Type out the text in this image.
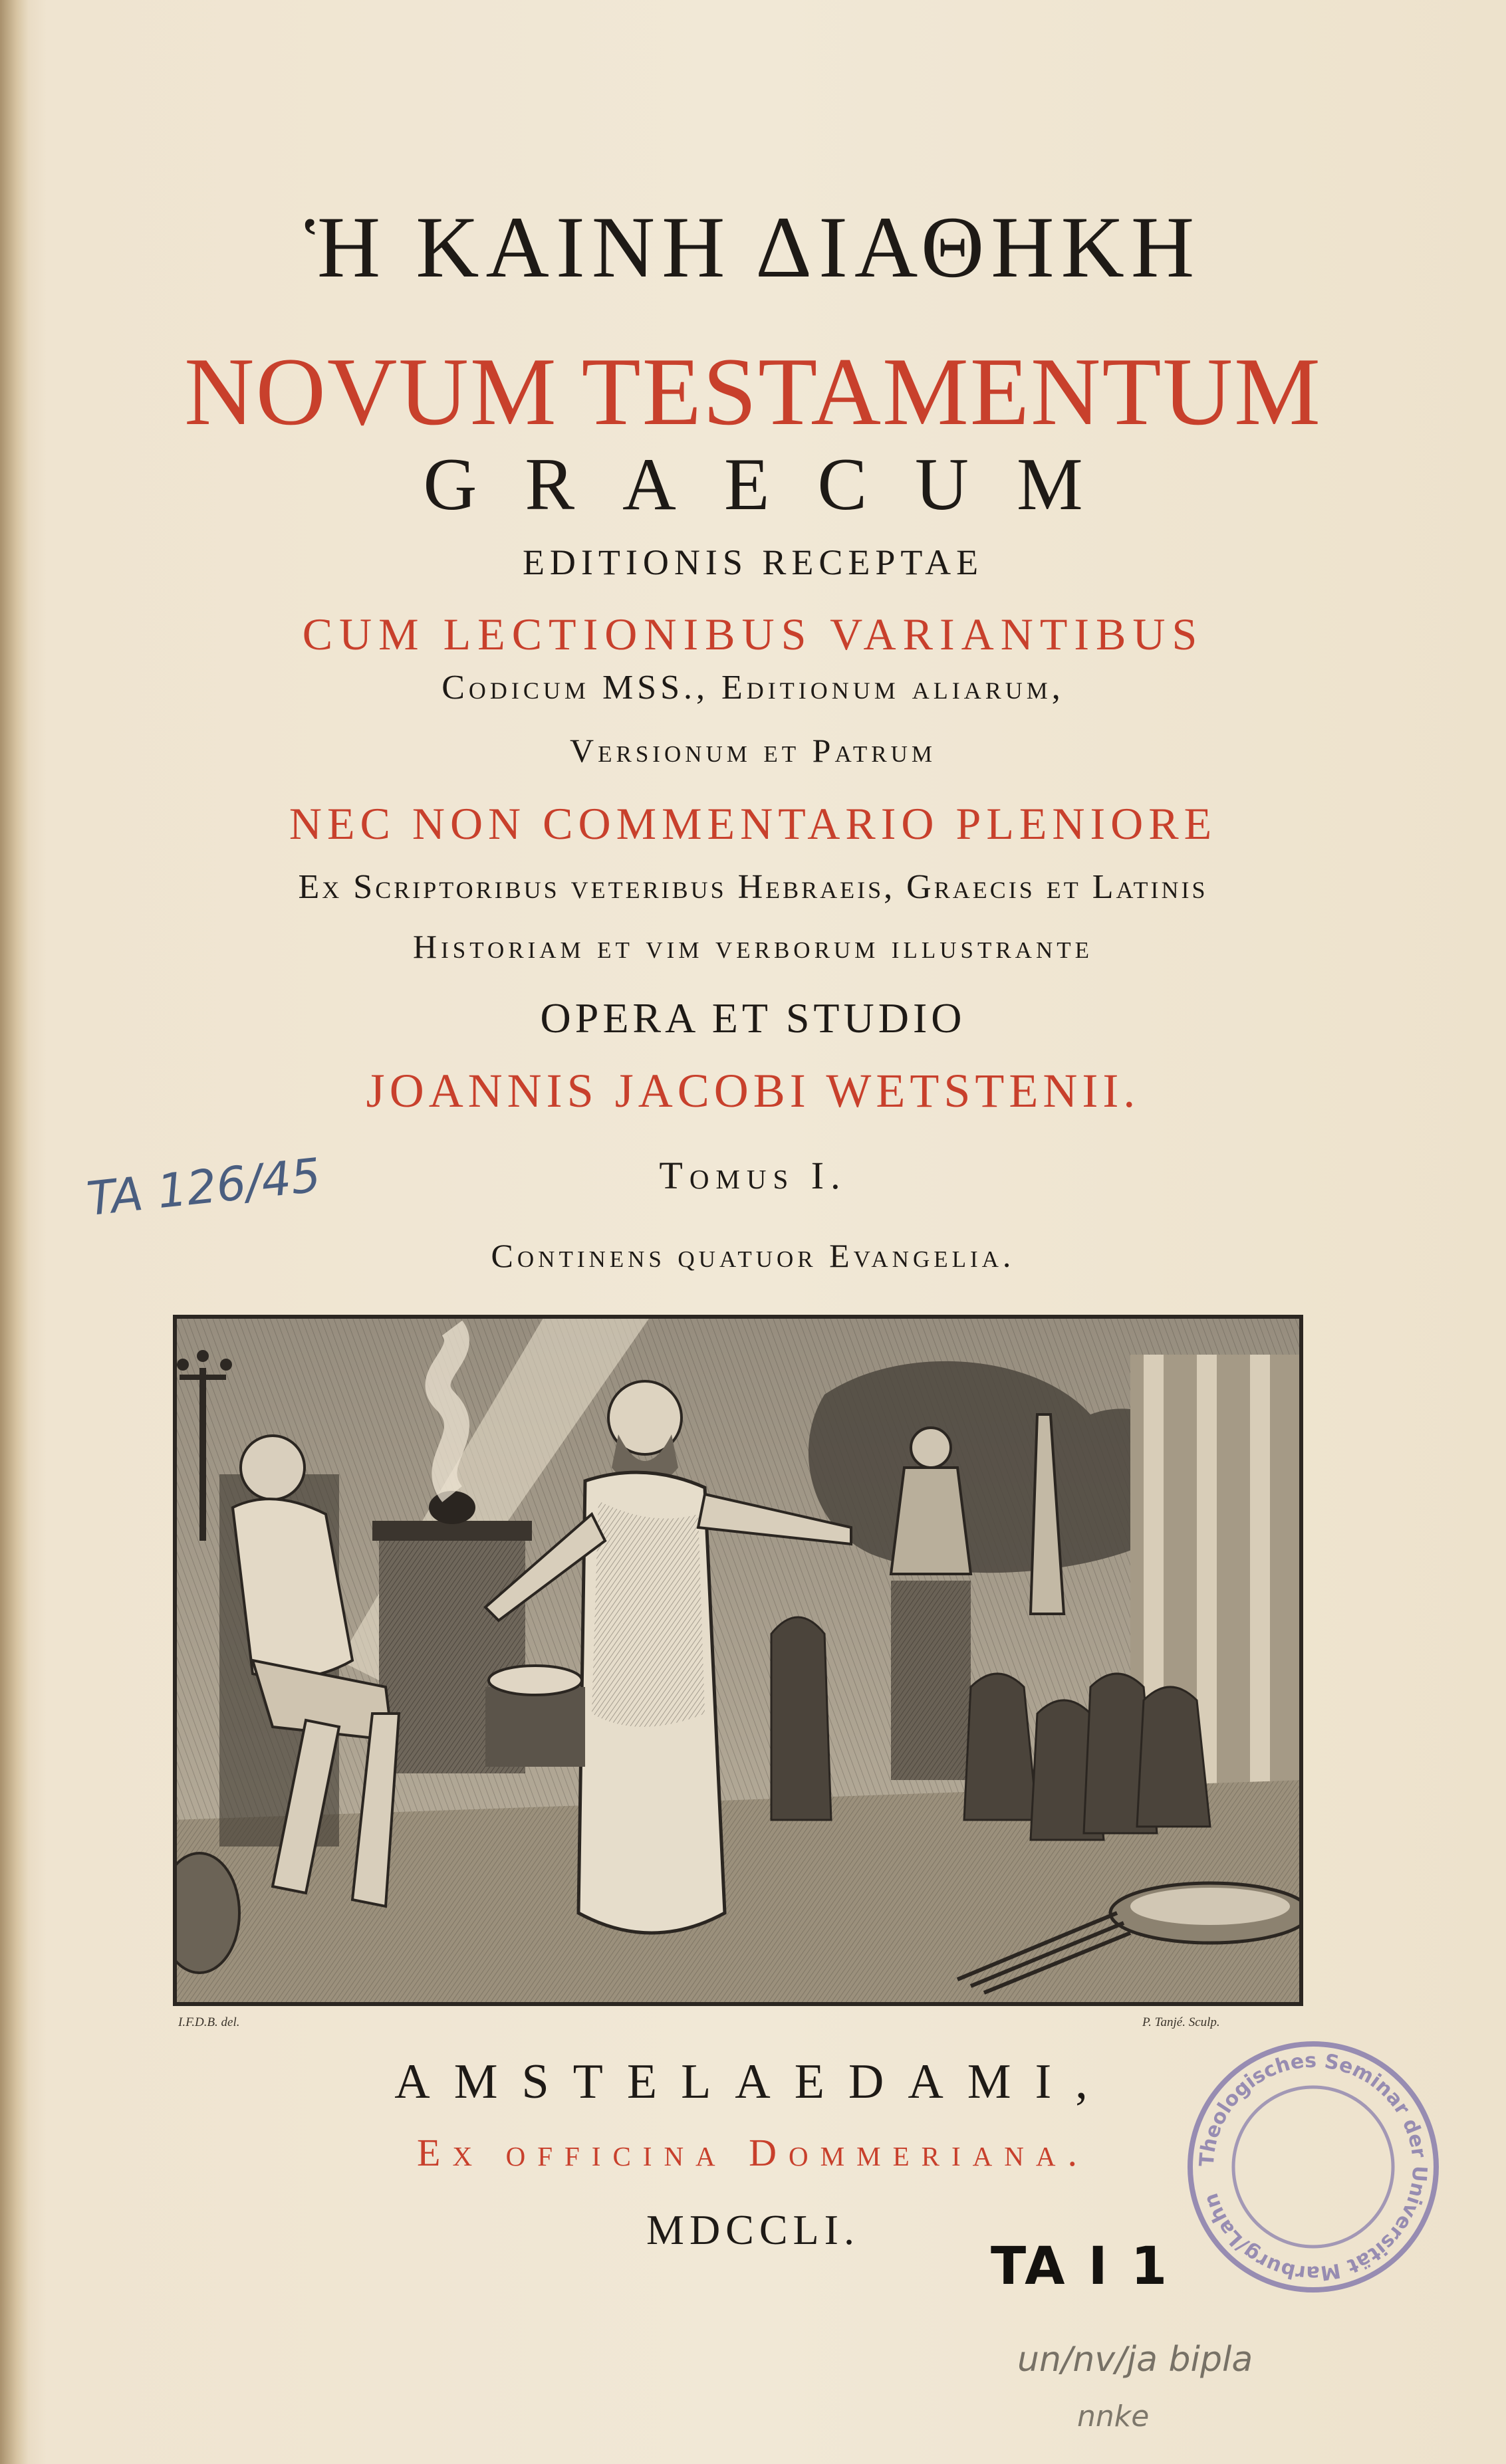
Ἡ ΚΑΙΝΗ ΔΙΑΘΗΚΗ
NOVUM TESTAMENTUM
GRAECUM
EDITIONIS RECEPTAE
CUM LECTIONIBUS VARIANTIBUS
Codicum MSS., Editionum aliarum,
Versionum et Patrum
NEC NON COMMENTARIO PLENIORE
Ex Scriptoribus veteribus Hebraeis, Graecis et Latinis
Historiam et vim verborum illustrante
OPERA ET STUDIO
JOANNIS JACOBI WETSTENII.
Tomus I.
Continens quatuor Evangelia.
I.F.D.B. del.	P. Tanjé. Sculp.
AMSTELAEDAMI,
Ex officina Dommeriana.
MDCCLI.
TA 126/45
TA I 1
un/nv/ja bipla
nnke
Theologisches Seminar der Universität Marburg/Lahn
